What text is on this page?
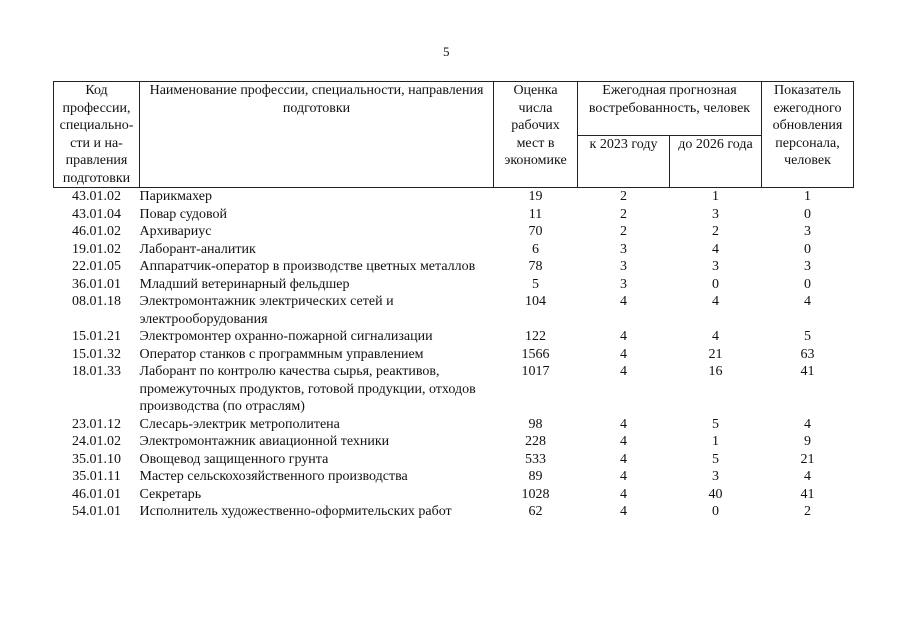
5
Код профессии, специально-сти и на-правления подготовки	Наименование профессии, специальности, направления подготовки	Оценка числа рабочих мест в экономике	Ежегодная прогнозная востребованность, человек		Показатель ежегодного обновления персонала, человек
			к 2023 году	до 2026 года	
43.01.02	Парикмахер	19	2	1	1
43.01.04	Повар судовой	11	2	3	0
46.01.02	Архивариус	70	2	2	3
19.01.02	Лаборант-аналитик	6	3	4	0
22.01.05	Аппаратчик-оператор в производстве цветных металлов	78	3	3	3
36.01.01	Младший ветеринарный фельдшер	5	3	0	0
08.01.18	Электромонтажник электрических сетей и электрооборудования	104	4	4	4
15.01.21	Электромонтер охранно-пожарной сигнализации	122	4	4	5
15.01.32	Оператор станков с программным управлением	1566	4	21	63
18.01.33	Лаборант по контролю качества сырья, реактивов, промежуточных продуктов, готовой продукции, отходов производства (по отраслям)	1017	4	16	41
23.01.12	Слесарь-электрик метрополитена	98	4	5	4
24.01.02	Электромонтажник авиационной техники	228	4	1	9
35.01.10	Овощевод защищенного грунта	533	4	5	21
35.01.11	Мастер сельскохозяйственного производства	89	4	3	4
46.01.01	Секретарь	1028	4	40	41
54.01.01	Исполнитель художественно-оформительских работ	62	4	0	2
